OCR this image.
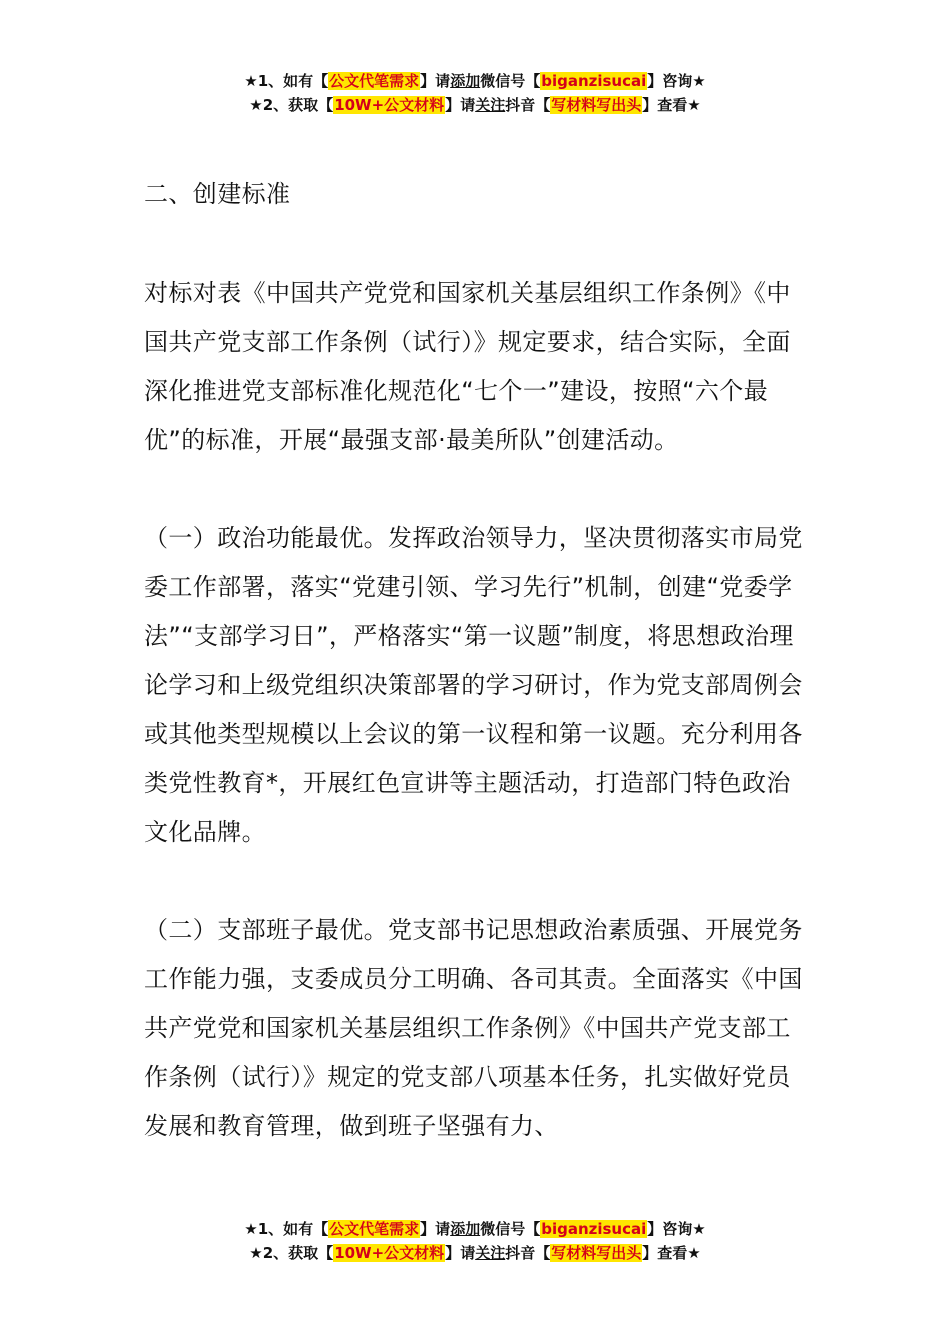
★1、如有【公文代笔需求】请添加微信号【biganzisucai】咨询★
★2、获取【10W+公文材料】请关注抖音【写材料写出头】查看★

二、创建标准

对标对表《中国共产党党和国家机关基层组织工作条例》《中国共产党支部工作条例（试行）》规定要求，结合实际，全面深化推进党支部标准化规范化“七个一”建设，按照“六个最优”的标准，开展“最强支部·最美所队”创建活动。

（一）政治功能最优。发挥政治领导力，坚决贯彻落实市局党委工作部署，落实“党建引领、学习先行”机制，创建“党委学法”“支部学习日”，严格落实“第一议题”制度，将思想政治理论学习和上级党组织决策部署的学习研讨，作为党支部周例会或其他类型规模以上会议的第一议程和第一议题。充分利用各类党性教育*，开展红色宣讲等主题活动，打造部门特色政治文化品牌。

（二）支部班子最优。党支部书记思想政治素质强、开展党务工作能力强，支委成员分工明确、各司其责。全面落实《中国共产党党和国家机关基层组织工作条例》《中国共产党支部工作条例（试行）》规定的党支部八项基本任务，扎实做好党员发展和教育管理，做到班子坚强有力、

★1、如有【公文代笔需求】请添加微信号【biganzisucai】咨询★
★2、获取【10W+公文材料】请关注抖音【写材料写出头】查看★
